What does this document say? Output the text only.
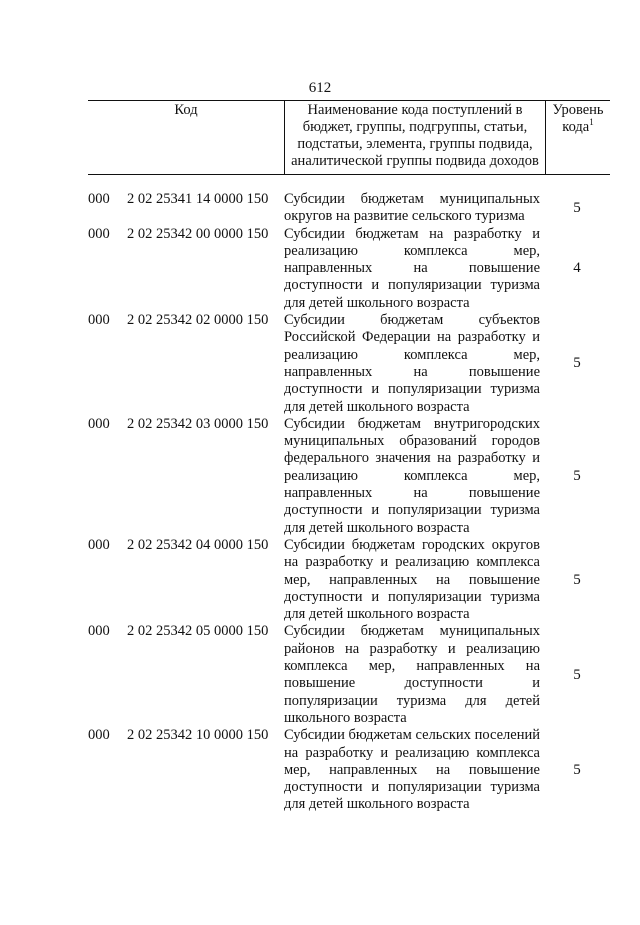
612
Код	Наименование кода поступлений в бюджет, группы, подгруппы, статьи, подстатьи, элемента, группы подвида, аналитической группы подвида доходов
Уровень кода$^1$
000 2 02 25341 14 0000 150 Субсидии бюджетам муниципальных округов на развитие сельского туризма
5
000 2 02 25342 00 0000 150 Субсидии бюджетам на разработку и реализацию комплекса мер, направленных на повышение доступности и популяризации туризма для детей школьного возраста
4
000 2 02 25342 02 0000 150 Субсидии бюджетам субъектов Российской Федерации на разработку и реализацию комплекса мер, направленных на повышение доступности и популяризации туризма для детей школьного возраста
5
000 2 02 25342 03 0000 150 Субсидии бюджетам внутригородских муниципальных образований городов федерального значения на разработку и реализацию комплекса мер, направленных на повышение доступности и популяризации туризма для детей школьного возраста
5
000 2 02 25342 04 0000 150 Субсидии бюджетам городских округов на разработку и реализацию комплекса мер, направленных на повышение доступности и популяризации туризма для детей школьного возраста
5
000 2 02 25342 05 0000 150 Субсидии бюджетам муниципальных районов на разработку и реализацию комплекса мер, направленных на повышение доступности и популяризации туризма для детей школьного возраста
5
000 2 02 25342 10 0000 150 Субсидии бюджетам сельских поселений на разработку и реализацию комплекса мер, направленных на повышение доступности и популяризации туризма для детей школьного возраста
5
